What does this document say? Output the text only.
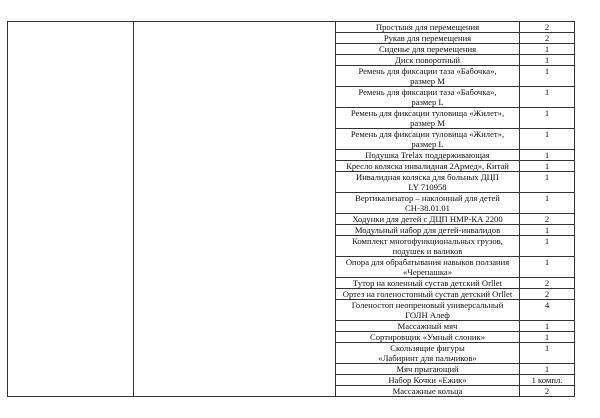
		Простыня для перемещения	2
		Рукав для перемещения	2
		Сиденье для перемещения	1
		Диск поворотный	1
		Ремень для фиксации таза «Бабочка»,
размер M	1
		Ремень для фиксации таза «Бабочка»,
размер L	1
		Ремень для фиксации туловища «Жилет»,
размер M	1
		Ремень для фиксации туловища «Жилет»,
размер L	1
		Подушка Trelax поддерживающая	1
		Кресло коляска инвалидная 2Армед», Китай	1
		Инвалидная коляска для больных ДЦП
LY 710958	1
		Вертикализатор – наклонный для детей
СН-38.01.01	1
		Ходунки для детей с ДЦП НМР-КА 2200	2
		Модульный набор для детей-инвалидов	1
		Комплект многофункциональных грузов,
подушек и валиков	1
		Опора для обрабатывания навыков ползания
«Черепашка»	1
		Тутор на коленный сустав детский Orllet	2
		Ортез на голеностопный сустав детский Orllet	2
		Голеностоп неопреновый универсальный
ГОЛН Алеф	4
		Массажный мяч	1
		Сортировщик «Умный слоник»	1
		Скользящие фигуры
«Лабиринт для пальчиков»	1
		Мяч прыгающий	1
		Набор Кочки «Ежик»	1 компл.
		Массажные кольца	2
